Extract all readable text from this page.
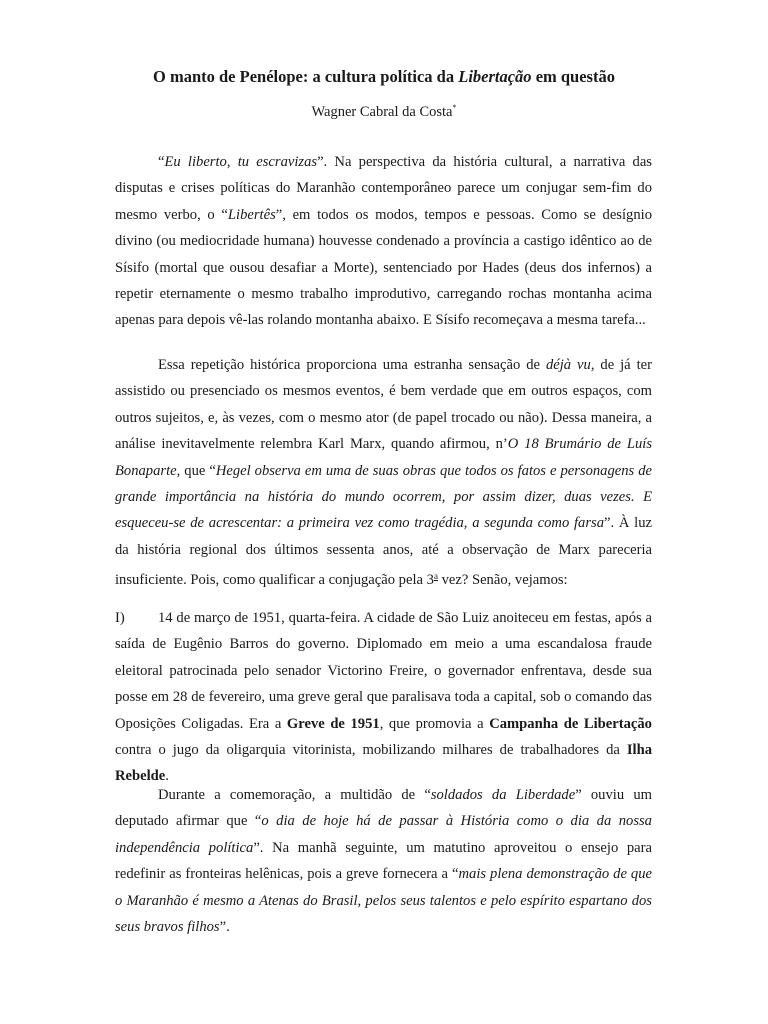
O manto de Penélope: a cultura política da Libertação em questão
Wagner Cabral da Costa*

“Eu liberto, tu escravizas”. Na perspectiva da história cultural, a narrativa das disputas e crises políticas do Maranhão contemporâneo parece um conjugar sem-fim do mesmo verbo, o “Libertês”, em todos os modos, tempos e pessoas. Como se desígnio divino (ou mediocridade humana) houvesse condenado a província a castigo idêntico ao de Sísifo (mortal que ousou desafiar a Morte), sentenciado por Hades (deus dos infernos) a repetir eternamente o mesmo trabalho improdutivo, carregando rochas montanha acima apenas para depois vê-las rolando montanha abaixo. E Sísifo recomeçava a mesma tarefa...

Essa repetição histórica proporciona uma estranha sensação de déjà vu, de já ter assistido ou presenciado os mesmos eventos, é bem verdade que em outros espaços, com outros sujeitos, e, às vezes, com o mesmo ator (de papel trocado ou não). Dessa maneira, a análise inevitavelmente relembra Karl Marx, quando afirmou, n’O 18 Brumário de Luís Bonaparte, que “Hegel observa em uma de suas obras que todos os fatos e personagens de grande importância na história do mundo ocorrem, por assim dizer, duas vezes. E esqueceu-se de acrescentar: a primeira vez como tragédia, a segunda como farsa”. À luz da história regional dos últimos sessenta anos, até a observação de Marx pareceria insuficiente. Pois, como qualificar a conjugação pela 3$^a$ vez? Senão, vejamos:

I) 14 de março de 1951, quarta-feira. A cidade de São Luiz anoiteceu em festas, após a saída de Eugênio Barros do governo. Diplomado em meio a uma escandalosa fraude eleitoral patrocinada pelo senador Victorino Freire, o governador enfrentava, desde sua posse em 28 de fevereiro, uma greve geral que paralisava toda a capital, sob o comando das Oposições Coligadas. Era a Greve de 1951, que promovia a Campanha de Libertação contra o jugo da oligarquia vitorinista, mobilizando milhares de trabalhadores da Ilha Rebelde.

Durante a comemoração, a multidão de “soldados da Liberdade” ouviu um deputado afirmar que “o dia de hoje há de passar à História como o dia da nossa independência política”. Na manhã seguinte, um matutino aproveitou o ensejo para redefinir as fronteiras helênicas, pois a greve fornecera a “mais plena demonstração de que o Maranhão é mesmo a Atenas do Brasil, pelos seus talentos e pelo espírito espartano dos seus bravos filhos”.
